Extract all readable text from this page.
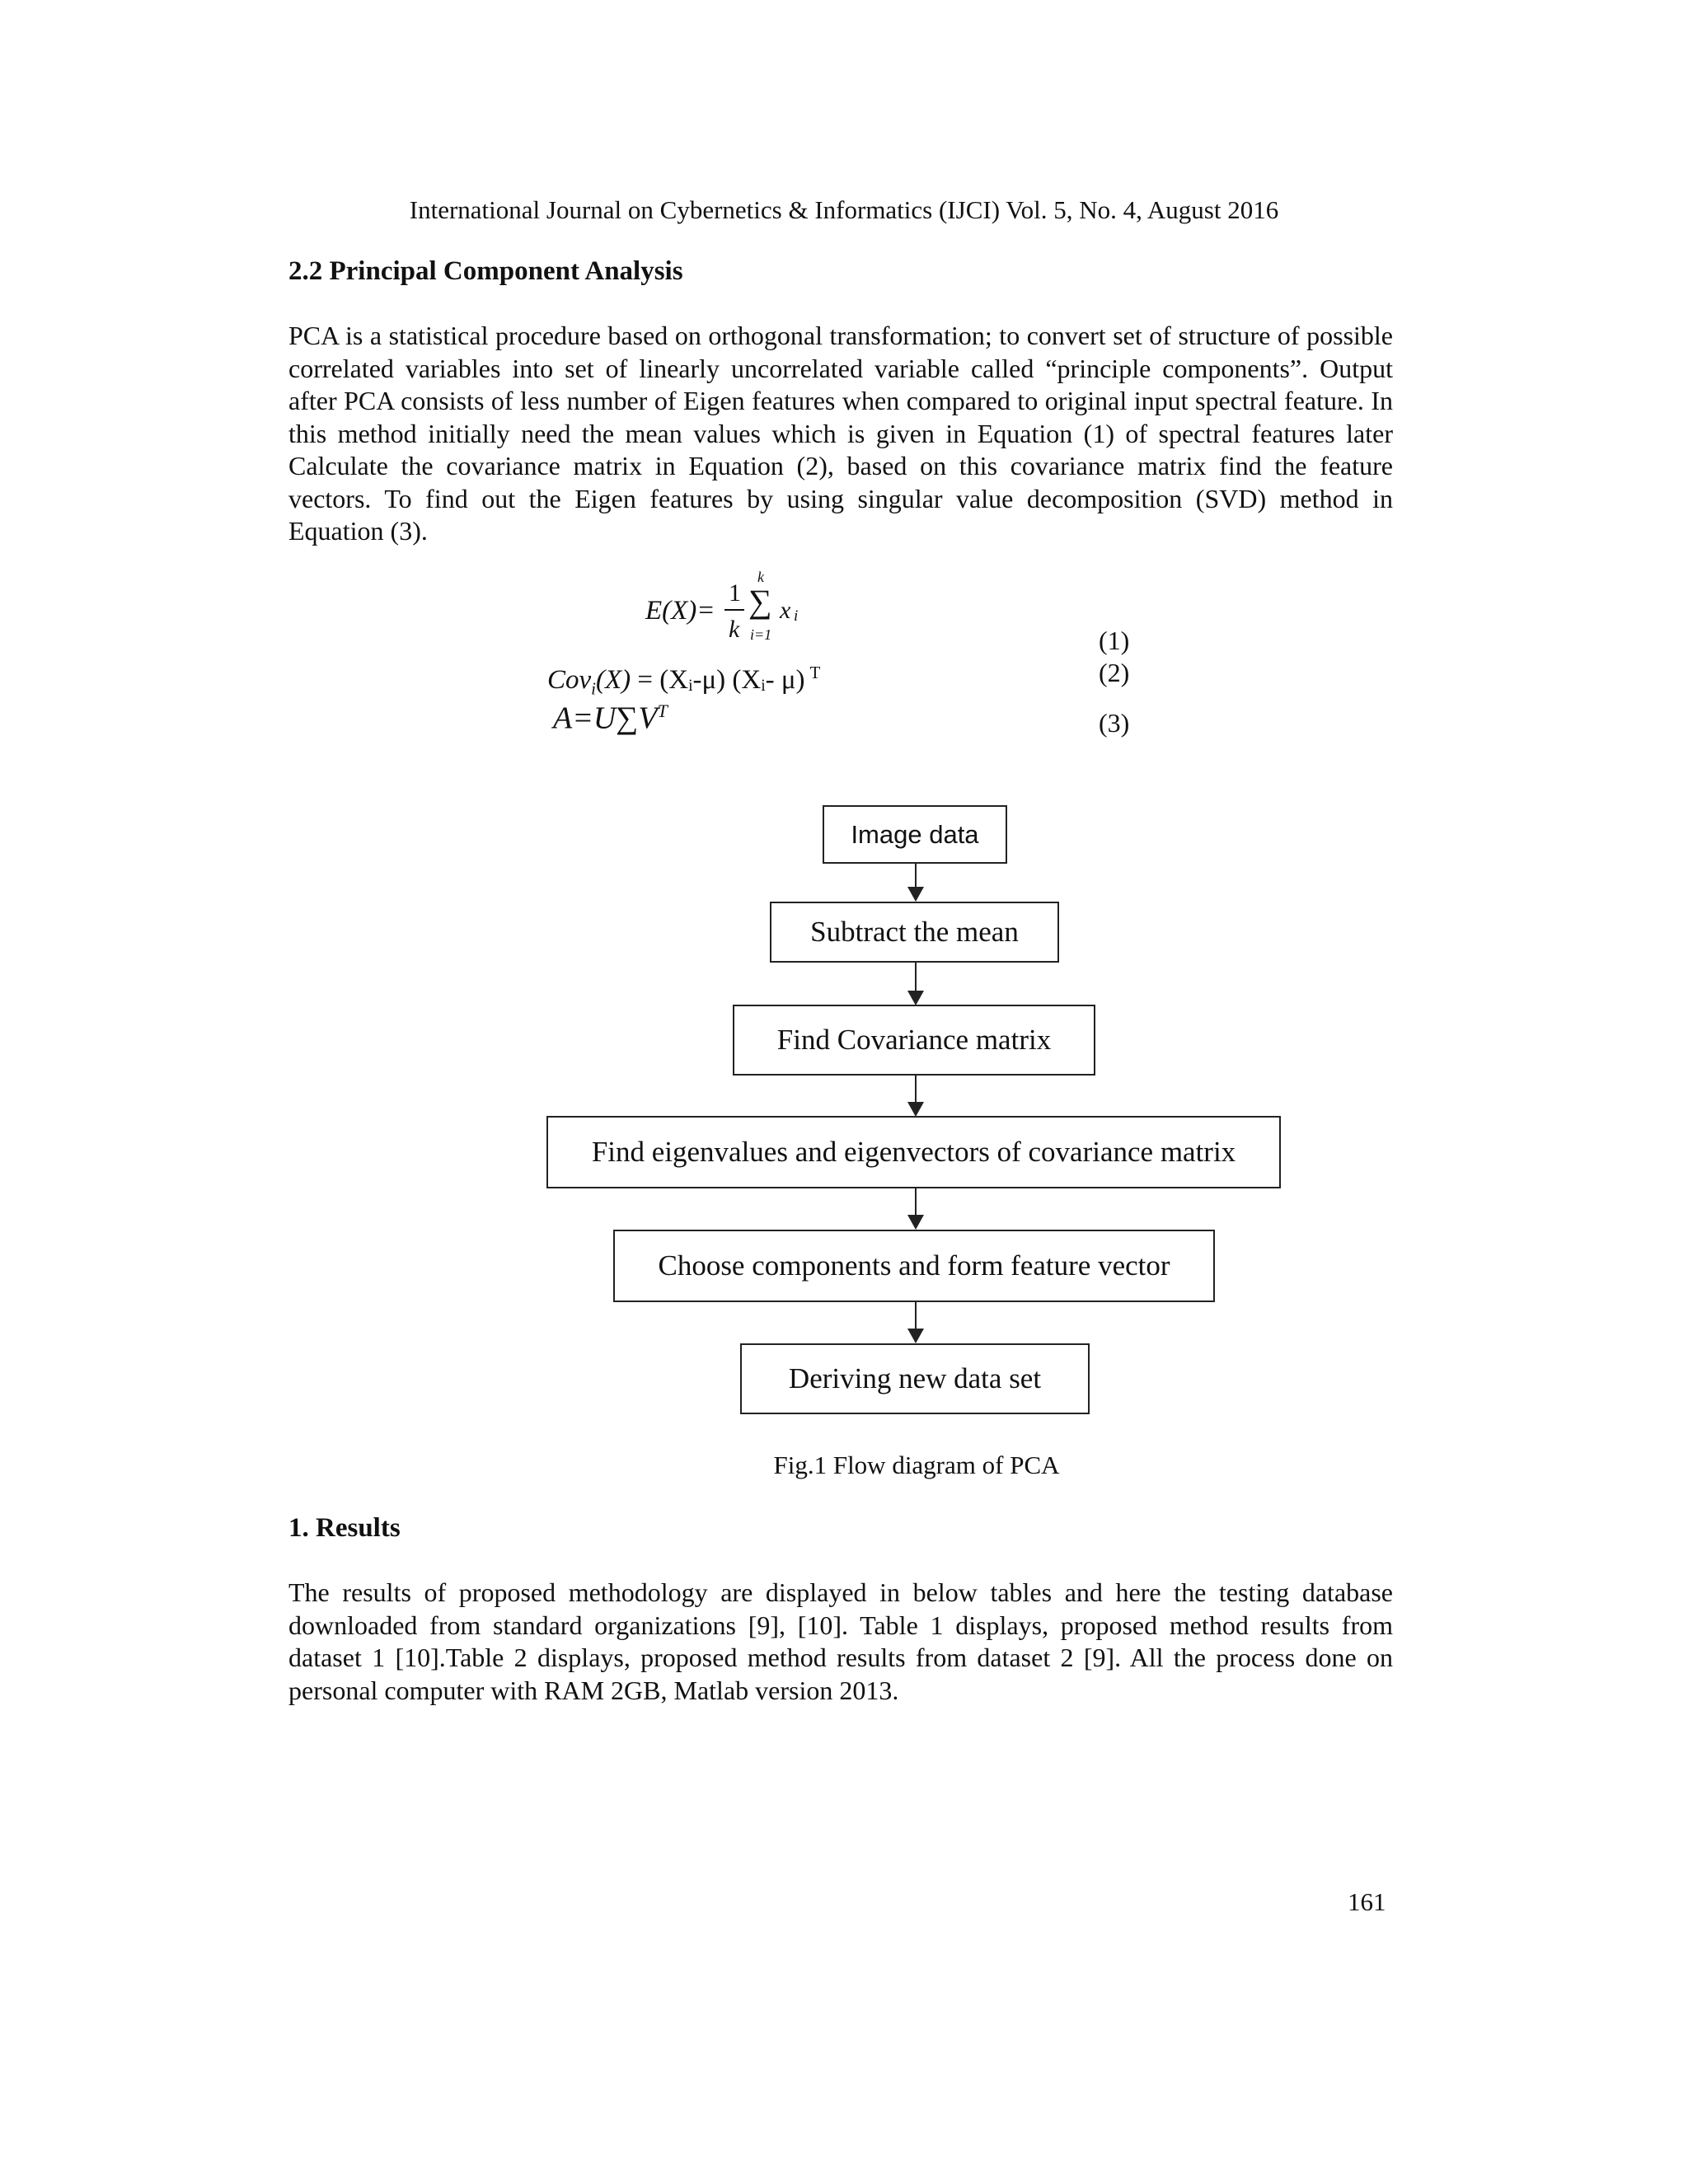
International Journal on Cybernetics & Informatics (IJCI) Vol. 5, No. 4, August 2016
2.2 Principal Component Analysis
PCA is a statistical procedure based on orthogonal transformation; to convert set of structure of possible correlated variables into set of linearly uncorrelated variable called “principle components”. Output after PCA consists of less number of Eigen features when compared to original input spectral feature. In this method initially need the mean values which is given in Equation (1) of spectral features later Calculate the covariance matrix in Equation (2), based on this covariance matrix find the feature vectors. To find out the Eigen features by using singular value decomposition (SVD) method in Equation (3).
E(X)=
1
k
k
∑
i=1
x i
(1)
Cov$_i$(X) = (Xᵢ-μ) (Xᵢ- μ) $^T$	(2)
$A=U\sum V^T$	(3)
Image data
Subtract the mean
Find Covariance matrix
Find eigenvalues and eigenvectors of covariance matrix
Choose components and form feature vector
Deriving new data set
Fig.1 Flow diagram of PCA
1. Results
The results of proposed methodology are displayed in below tables and here the testing database downloaded from standard organizations [9], [10]. Table 1 displays, proposed method results from dataset 1 [10].Table 2 displays, proposed method results from dataset 2 [9]. All the process done on personal computer with RAM 2GB, Matlab version 2013.
161
